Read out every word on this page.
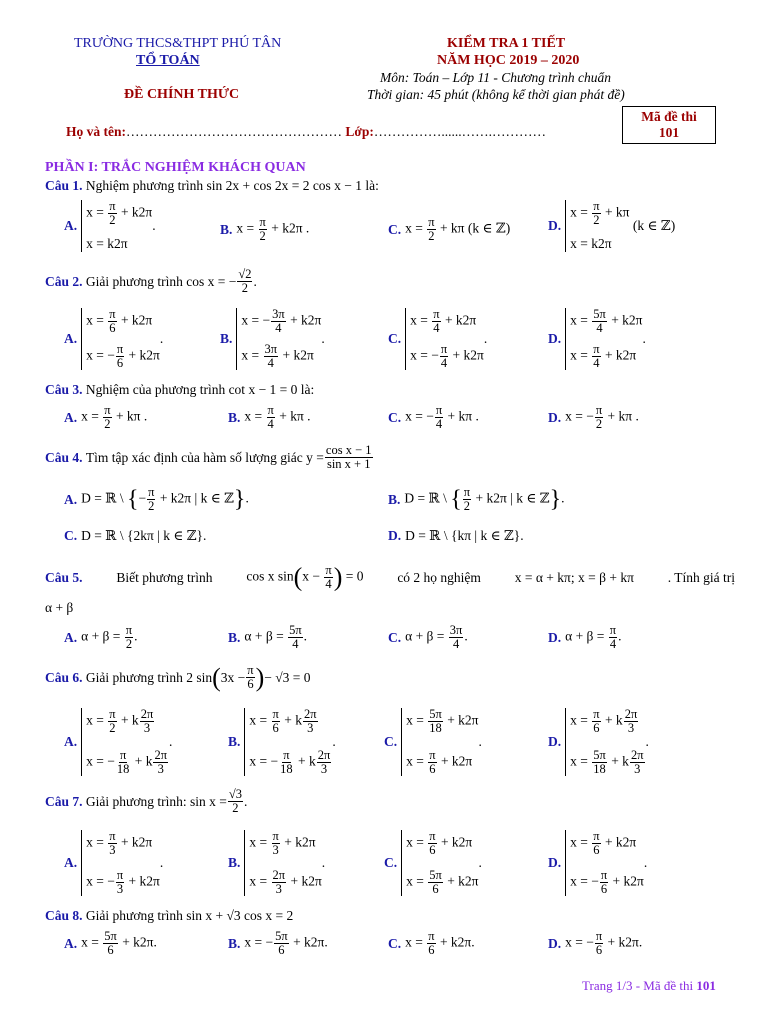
TRƯỜNG THCS&THPT PHÚ TÂN
TỔ TOÁN
ĐỀ CHÍNH THỨC
KIỂM TRA 1 TIẾT
NĂM HỌC 2019 – 2020
Môn: Toán – Lớp 11 - Chương trình chuẩn
Thời gian: 45 phút (không kể thời gian phát đề)
Mã đề thi
101
Họ và tên:………………………………………… Lớp:……………......…….…………
PHẦN I: TRẮC NGHIỆM KHÁCH QUAN
Câu 1. Nghiệm phương trình sin 2x + cos 2x = 2 cos x − 1 là:
A.
$x = \frac{\pi}{2} + k2\pi$
x = k2π
.	B. $x = \frac{\pi}{2} + k2\pi$ .	C. $x = \frac{\pi}{2} + k\pi$ (k ∈ ℤ)	D.
$x = \frac{\pi}{2} + k\pi$
x = k2π
(k ∈ ℤ)
Câu 2.
Giải phương trình cos x = − $\frac{√2}{2}$ .
A.
$x = \frac{\pi}{6} + k2\pi$
x = − $\frac{\pi}{6} + k2\pi$
.	B.
x = − $\frac{3\pi}{4} + k2\pi$
$x = \frac{3\pi}{4} + k2\pi$
.	C.
$x = \frac{\pi}{4} + k2\pi$
x = − $\frac{\pi}{4} + k2\pi$
.	D.
$x = \frac{5\pi}{4} + k2\pi$
$x = \frac{\pi}{4} + k2\pi$
.
Câu 3. Nghiệm của phương trình cot x − 1 = 0 là:
A. $x = \frac{\pi}{2} + k\pi$ .	B. $x = \frac{\pi}{4} + k\pi$ .	C. x = − $\frac{\pi}{4} + k\pi$ .	D. x = − $\frac{\pi}{2} + k\pi$ .
Câu 4.
Tìm tập xác định của hàm số lượng giác $y = \frac{\text{cos x − 1}}{\text{sin x + 1}}$
A. D = ℝ \ {− $\frac{\pi}{2} + k2\pi$ | k ∈ ℤ}.	B. D = ℝ \ { $\frac{\pi}{2} + k2\pi$ | k ∈ ℤ}.
C. D = ℝ \ {2kπ | k ∈ ℤ}.	D. D = ℝ \ {kπ | k ∈ ℤ}.
Câu 5.	Biết phương trình	cos x $\sin(x - \frac{\pi}{4}$ ) = 0	có 2 họ nghiệm	x = α + kπ; x = β + kπ	. Tính giá trị
α + β
A. $\alpha + \beta = \frac{\pi}{2}$ .	B. $\alpha + \beta = \frac{5\pi}{4}$ .	C. $\alpha + \beta = \frac{3\pi}{4}$ .	D. $\alpha + \beta = \frac{\pi}{4}$ .
Câu 6.
Giải phương trình 2 sin ( $3x - \frac{\pi}{6}$ ) − √3 = 0
A.
$x = \frac{\pi}{2} + k \frac{2\pi}{3}$
x = − $\frac{\pi}{18} + k \frac{2\pi}{3}$
.	B.
$x = \frac{\pi}{6} + k \frac{2\pi}{3}$
x = − $\frac{\pi}{18} + k \frac{2\pi}{3}$
.	C.
$x = \frac{5\pi}{18} + k2\pi$
$x = \frac{\pi}{6} + k2\pi$
.	D.
$x = \frac{\pi}{6} + k \frac{2\pi}{3}$
$x = \frac{5\pi}{18} + k \frac{2\pi}{3}$
.
Câu 7.
Giải phương trình: $\sin x = \frac{√3}{2}$ .
A.
$x = \frac{\pi}{3} + k2\pi$
x = − $\frac{\pi}{3} + k2\pi$
.	B.
$x = \frac{\pi}{3} + k2\pi$
$x = \frac{2\pi}{3} + k2\pi$
.	C.
$x = \frac{\pi}{6} + k2\pi$
$x = \frac{5\pi}{6} + k2\pi$
.	D.
$x = \frac{\pi}{6} + k2\pi$
x = − $\frac{\pi}{6} + k2\pi$
.
Câu 8. Giải phương trình sin x + √3 cos x = 2
A. $x = \frac{5\pi}{6} + k2\pi$.	B. x = − $\frac{5\pi}{6} + k2\pi$.	C. $x = \frac{\pi}{6} + k2\pi$.	D. x = − $\frac{\pi}{6} + k2\pi$.
Trang 1/3 - Mã đề thi 101
